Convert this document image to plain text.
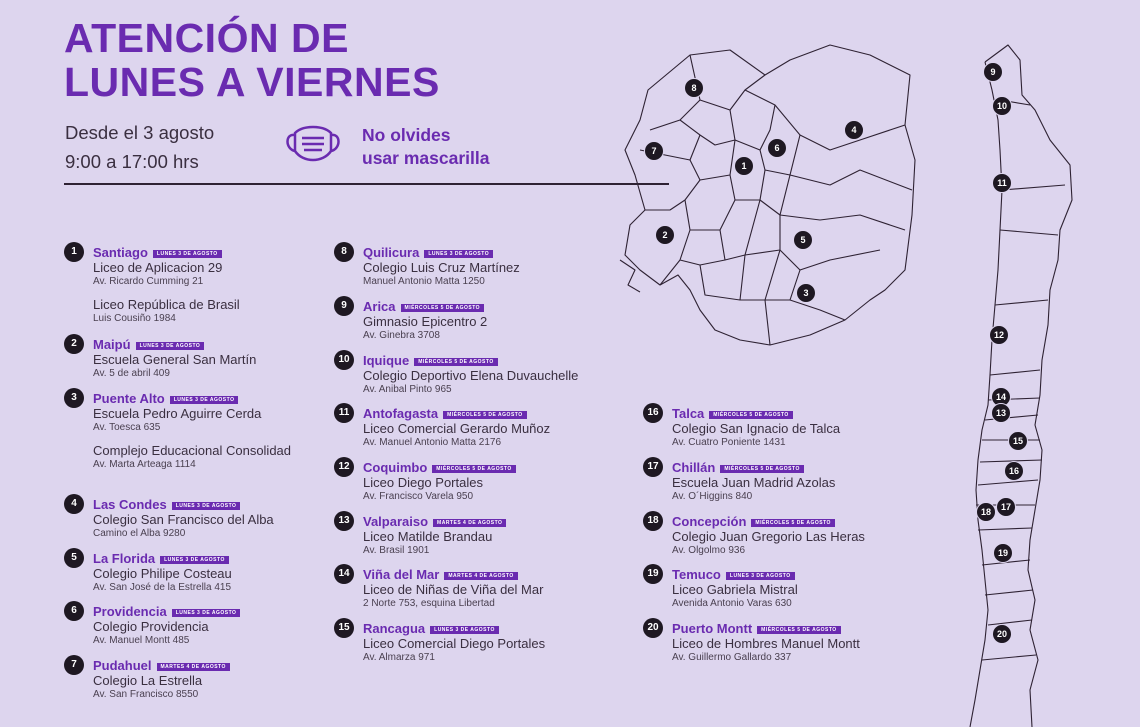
ATENCIÓN DE
LUNES A VIERNES
Desde el 3 agosto
9:00 a 17:00 hrs
No olvides
usar mascarilla
1	Santiago LUNES 3 DE AGOSTO
Liceo de Aplicacion 29
Av. Ricardo Cumming 21
Liceo República de Brasil
Luis Cousiño 1984
2	Maipú LUNES 3 DE AGOSTO
Escuela General San Martín
Av. 5 de abril 409
3	Puente Alto LUNES 3 DE AGOSTO
Escuela Pedro Aguirre Cerda
Av. Toesca 635
Complejo Educacional Consolidad
Av. Marta Arteaga 1114
4	Las Condes LUNES 3 DE AGOSTO
Colegio San Francisco del Alba
Camino el Alba 9280
5	La Florida LUNES 3 DE AGOSTO
Colegio Philipe Costeau
Av. San José de la Estrella 415
6	Providencia LUNES 3 DE AGOSTO
Colegio Providencia
Av. Manuel Montt 485
7	Pudahuel MARTES 4 DE AGOSTO
Colegio La Estrella
Av. San Francisco 8550
8	Quilicura LUNES 3 DE AGOSTO
Colegio Luis Cruz Martínez
Manuel Antonio Matta 1250
9	Arica MIÉRCOLES 5 DE AGOSTO
Gimnasio Epicentro 2
Av. Ginebra 3708
10	Iquique MIÉRCOLES 5 DE AGOSTO
Colegio Deportivo Elena Duvauchelle
Av. Anibal Pinto 965
11	Antofagasta MIÉRCOLES 5 DE AGOSTO
Liceo Comercial Gerardo Muñoz
Av. Manuel Antonio Matta 2176
12	Coquimbo MIÉRCOLES 5 DE AGOSTO
Liceo Diego Portales
Av. Francisco Varela 950
13	Valparaiso MARTES 4 DE AGOSTO
Liceo Matilde Brandau
Av. Brasil 1901
14	Viña del Mar MARTES 4 DE AGOSTO
Liceo de Niñas de Viña del Mar
2 Norte 753, esquina Libertad
15	Rancagua LUNES 3 DE AGOSTO
Liceo Comercial Diego Portales
Av. Almarza 971
16	Talca MIÉRCOLES 5 DE AGOSTO
Colegio San Ignacio de Talca
Av. Cuatro Poniente 1431
17	Chillán MIÉRCOLES 5 DE AGOSTO
Escuela Juan Madrid Azolas
Av. O´Higgins 840
18	Concepción MIÉRCOLES 5 DE AGOSTO
Colegio Juan Gregorio Las Heras
Av. Olgolmo 936
19	Temuco LUNES 3 DE AGOSTO
Liceo Gabriela Mistral
Avenida Antonio Varas 630
20	Puerto Montt MIÉRCOLES 5 DE AGOSTO
Liceo de Hombres Manuel Montt
Av. Guillermo Gallardo 337
8
7
1
6
4
2	5
3
9
10
11
12
14
13
15
16
18	17
19
20
